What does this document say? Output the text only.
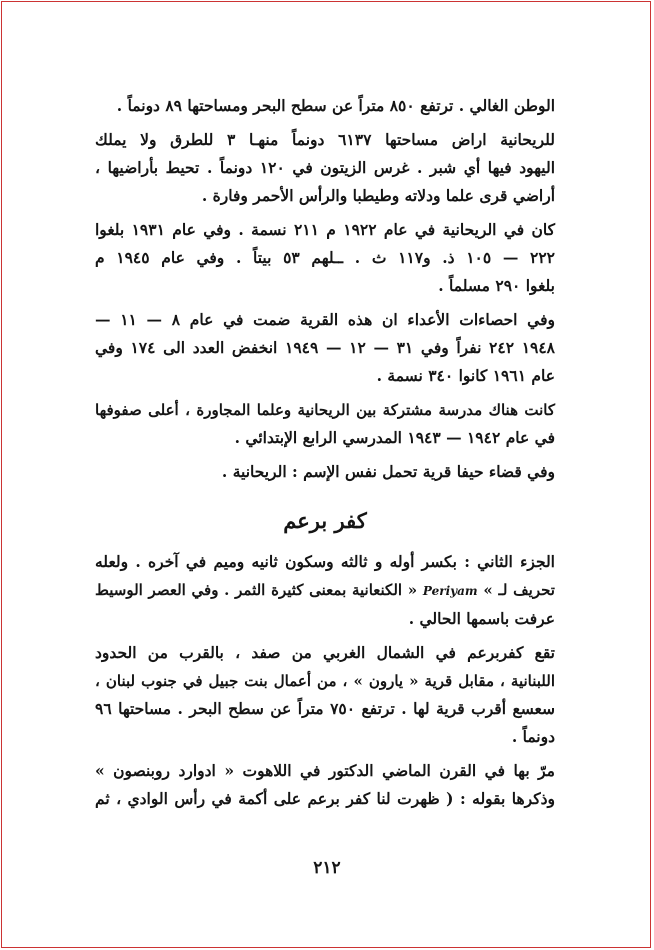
الوطن الغالي . ترتفع ٨٥٠ متراً عن سطح البحر ومساحتها ٨٩ دونماً .
للريحانية اراض مساحتها ٦١٣٧ دونماً منهـا ٣ للطرق ولا يملك
اليهود فيها أي شبر . غرس الزيتون في ١٢٠ دونماً . تحيط بأراضيها ،
أراضي قرى علما ودلاته وطيطبا والرأس الأحمر وفارة .
كان في الريحانية في عام ١٩٢٢ م ٢١١ نسمة . وفي عام ١٩٣١ بلغوا
٢٢٢ — ١٠٥ ذ. و١١٧ ث . ــلهم ٥٣ بيتاً . وفي عام ١٩٤٥ م
بلغوا ٢٩٠ مسلماً .
وفي احصاءات الأعداء ان هذه القرية ضمت في عام ٨ — ١١ —
١٩٤٨ ٢٤٢ نفراً وفي ٣١ — ١٢ — ١٩٤٩ انخفض العدد الى ١٧٤ وفي
عام ١٩٦١ كانوا ٣٤٠ نسمة .
كانت هناك مدرسة مشتركة بين الريحانية وعلما المجاورة ، أعلى صفوفها
في عام ١٩٤٢ — ١٩٤٣ المدرسي الرابع الإبتدائي .
وفي قضاء حيفا قرية تحمل نفس الإسم : الريحانية .
كفر برعم
الجزء الثاني : بكسر أوله و ثالثه وسكون ثانيه وميم في آخره . ولعله
تحريف لـ » Periyam « الكنعانية بمعنى كثيرة الثمر . وفي العصر الوسيط
عرفت باسمها الحالي .
تقع كفربرعم في الشمال الغربي من صفد ، بالقرب من الحدود
اللبنانية ، مقابل قرية « يارون » ، من أعمال بنت جبيل في جنوب لبنان ،
سعسع أقرب قرية لها . ترتفع ٧٥٠ متراً عن سطح البحر . مساحتها ٩٦
دونماً .
مرّ بها في القرن الماضي الدكتور في اللاهوت « ادوارد روبنصون »
وذكرها بقوله : ( ظهرت لنا كفر برعم على أكمة في رأس الوادي ، ثم
٢١٢
